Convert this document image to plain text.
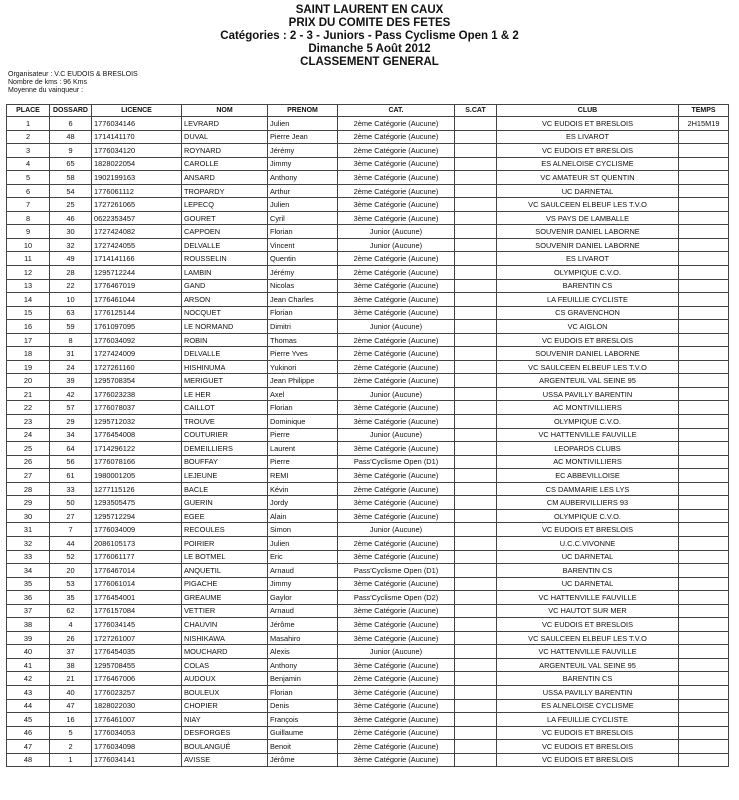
SAINT LAURENT EN CAUX
PRIX DU COMITE DES FETES
Catégories : 2 - 3 - Juniors - Pass Cyclisme Open 1 & 2
Dimanche 5 Août 2012
CLASSEMENT GENERAL
Organisateur : V.C EUDOIS & BRESLOIS
Nombre de kms : 96 Kms
Moyenne du vainqueur :
PLACE	DOSSARD	LICENCE	NOM	PRENOM	CAT.	S.CAT	CLUB	TEMPS
1	6	1776034146	LEVRARD	Julien	2ème Catégorie (Aucune)		VC EUDOIS ET BRESLOIS	2H15M19
2	48	1714141170	DUVAL	Pierre Jean	2ème Catégorie (Aucune)		ES LIVAROT	
3	9	1776034120	ROYNARD	Jérémy	2ème Catégorie (Aucune)		VC EUDOIS ET BRESLOIS	
4	65	1828022054	CAROLLE	Jimmy	3ème Catégorie (Aucune)		ES ALNELOISE CYCLISME	
5	58	1902199163	ANSARD	Anthony	3ème Catégorie (Aucune)		VC AMATEUR ST QUENTIN	
6	54	1776061112	TROPARDY	Arthur	2ème Catégorie (Aucune)		UC DARNETAL	
7	25	1727261065	LEPECQ	Julien	3ème Catégorie (Aucune)		VC SAULCEEN ELBEUF LES T.V.O	
8	46	0622353457	GOURET	Cyril	3ème Catégorie (Aucune)		VS PAYS DE LAMBALLE	
9	30	1727424082	CAPPOEN	Florian	Junior (Aucune)		SOUVENIR DANIEL LABORNE	
10	32	1727424055	DELVALLE	Vincent	Junior (Aucune)		SOUVENIR DANIEL LABORNE	
11	49	1714141166	ROUSSELIN	Quentin	2ème Catégorie (Aucune)		ES LIVAROT	
12	28	1295712244	LAMBIN	Jérémy	2ème Catégorie (Aucune)		OLYMPIQUE C.V.O.	
13	22	1776467019	GAND	Nicolas	3ème Catégorie (Aucune)		BARENTIN CS	
14	10	1776461044	ARSON	Jean Charles	3ème Catégorie (Aucune)		LA FEUILLIE CYCLISTE	
15	63	1776125144	NOCQUET	Florian	3ème Catégorie (Aucune)		CS GRAVENCHON	
16	59	1761097095	LE NORMAND	Dimitri	Junior (Aucune)		VC AIGLON	
17	8	1776034092	ROBIN	Thomas	2ème Catégorie (Aucune)		VC EUDOIS ET BRESLOIS	
18	31	1727424009	DELVALLE	Pierre Yves	2ème Catégorie (Aucune)		SOUVENIR DANIEL LABORNE	
19	24	1727261160	HISHINUMA	Yukinori	2ème Catégorie (Aucune)		VC SAULCEEN ELBEUF LES T.V.O	
20	39	1295708354	MERIGUET	Jean Philippe	2ème Catégorie (Aucune)		ARGENTEUIL VAL SEINE 95	
21	42	1776023238	LE HER	Axel	Junior (Aucune)		USSA PAVILLY BARENTIN	
22	57	1776078037	CAILLOT	Florian	3ème Catégorie (Aucune)		AC MONTIVILLIERS	
23	29	1295712032	TROUVE	Dominique	3ème Catégorie (Aucune)		OLYMPIQUE C.V.O.	
24	34	1776454008	COUTURIER	Pierre	Junior (Aucune)		VC HATTENVILLE FAUVILLE	
25	64	1714296122	DEMEILLIERS	Laurent	3ème Catégorie (Aucune)		LEOPARDS CLUBS	
26	56	1776078166	BOUFFAY	Pierre	Pass'Cyclisme Open (D1)		AC MONTIVILLIERS	
27	61	1980001205	LEJEUNE	REMI	3ème Catégorie (Aucune)		EC ABBEVILLOISE	
28	33	1277115126	BACLE	Kévin	2ème Catégorie (Aucune)		CS DAMMARIE LES LYS	
29	50	1293505475	GUERIN	Jordy	3ème Catégorie (Aucune)		CM AUBERVILLIERS 93	
30	27	1295712294	EGEE	Alain	3ème Catégorie (Aucune)		OLYMPIQUE C.V.O.	
31	7	1776034009	RECOULES	Simon	Junior (Aucune)		VC EUDOIS ET BRESLOIS	
32	44	2086105173	POIRIER	Julien	2ème Catégorie (Aucune)		U.C.C.VIVONNE	
33	52	1776061177	LE BOTMEL	Eric	3ème Catégorie (Aucune)		UC DARNETAL	
34	20	1776467014	ANQUETIL	Arnaud	Pass'Cyclisme Open (D1)		BARENTIN CS	
35	53	1776061014	PIGACHE	Jimmy	3ème Catégorie (Aucune)		UC DARNETAL	
36	35	1776454001	GREAUME	Gaylor	Pass'Cyclisme Open (D2)		VC HATTENVILLE FAUVILLE	
37	62	1776157084	VETTIER	Arnaud	3ème Catégorie (Aucune)		VC HAUTOT SUR MER	
38	4	1776034145	CHAUVIN	Jérôme	3ème Catégorie (Aucune)		VC EUDOIS ET BRESLOIS	
39	26	1727261007	NISHIKAWA	Masahiro	3ème Catégorie (Aucune)		VC SAULCEEN ELBEUF LES T.V.O	
40	37	1776454035	MOUCHARD	Alexis	Junior (Aucune)		VC HATTENVILLE FAUVILLE	
41	38	1295708455	COLAS	Anthony	3ème Catégorie (Aucune)		ARGENTEUIL VAL SEINE 95	
42	21	1776467006	AUDOUX	Benjamin	2ème Catégorie (Aucune)		BARENTIN CS	
43	40	1776023257	BOULEUX	Florian	3ème Catégorie (Aucune)		USSA PAVILLY BARENTIN	
44	47	1828022030	CHOPIER	Denis	3ème Catégorie (Aucune)		ES ALNELOISE CYCLISME	
45	16	1776461007	NIAY	François	3ème Catégorie (Aucune)		LA FEUILLIE CYCLISTE	
46	5	1776034053	DESFORGES	Guillaume	2ème Catégorie (Aucune)		VC EUDOIS ET BRESLOIS	
47	2	1776034098	BOULANGUÉ	Benoit	2ème Catégorie (Aucune)		VC EUDOIS ET BRESLOIS	
48	1	1776034141	AVISSE	Jérôme	3ème Catégorie (Aucune)		VC EUDOIS ET BRESLOIS	
